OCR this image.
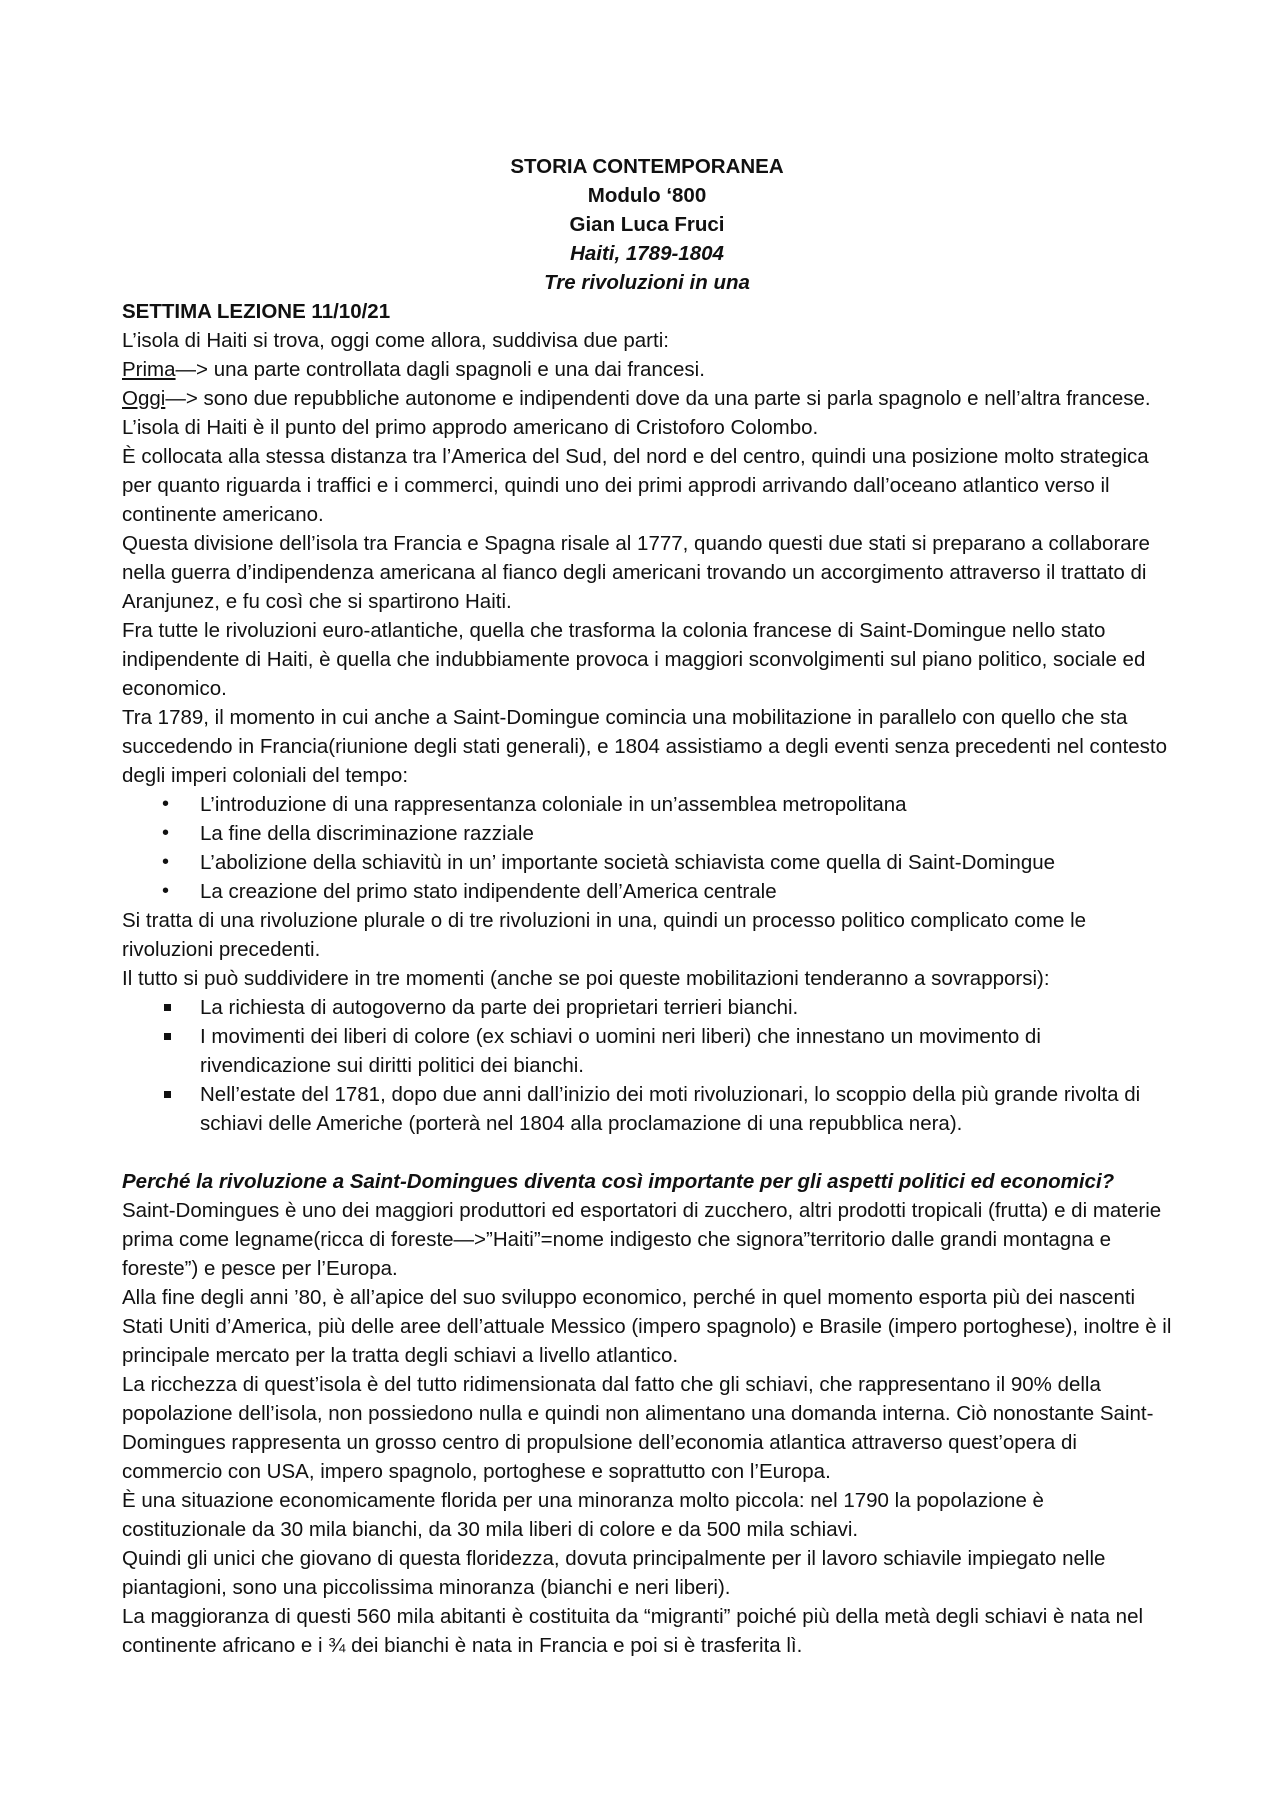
STORIA CONTEMPORANEA
Modulo ‘800
Gian Luca Fruci
Haiti, 1789-1804
Tre rivoluzioni in una
SETTIMA LEZIONE 11/10/21

L’isola di Haiti si trova, oggi come allora, suddivisa due parti:

Prima—> una parte controllata dagli spagnoli e una dai francesi.

Oggi—> sono due repubbliche autonome e indipendenti dove da una parte si parla spagnolo e nell’altra francese.

L’isola di Haiti è il punto del primo approdo americano di Cristoforo Colombo.

È collocata alla stessa distanza tra l’America del Sud, del nord e del centro, quindi una posizione molto strategica per quanto riguarda i traffici e i commerci, quindi uno dei primi approdi arrivando dall’oceano atlantico verso il continente americano.

Questa divisione dell’isola tra Francia e Spagna risale al 1777, quando questi due stati si preparano a collaborare nella guerra d’indipendenza americana al fianco degli americani trovando un accorgimento attraverso il trattato di Aranjunez, e fu così che si spartirono Haiti.

Fra tutte le rivoluzioni euro-atlantiche, quella che trasforma la colonia francese di Saint-Domingue nello stato indipendente di Haiti, è quella che indubbiamente provoca i maggiori sconvolgimenti sul piano politico, sociale ed economico.

Tra 1789, il momento in cui anche a Saint-Domingue comincia una mobilitazione in parallelo con quello che sta succedendo in Francia(riunione degli stati generali), e 1804 assistiamo a degli eventi senza precedenti nel contesto degli imperi coloniali del tempo:

• L’introduzione di una rappresentanza coloniale in un’assemblea metropolitana
• La fine della discriminazione razziale
• L’abolizione della schiavitù in un’ importante società schiavista come quella di Saint-Domingue
• La creazione del primo stato indipendente dell’America centrale

Si tratta di una rivoluzione plurale o di tre rivoluzioni in una, quindi un processo politico complicato come le rivoluzioni precedenti.

Il tutto si può suddividere in tre momenti (anche se poi queste mobilitazioni tenderanno a sovrapporsi):

La richiesta di autogoverno da parte dei proprietari terrieri bianchi.
I movimenti dei liberi di colore (ex schiavi o uomini neri liberi) che innestano un movimento di rivendicazione sui diritti politici dei bianchi.
Nell’estate del 1781, dopo due anni dall’inizio dei moti rivoluzionari, lo scoppio della più grande rivolta di schiavi delle Americhe (porterà nel 1804 alla proclamazione di una repubblica nera).

Perché la rivoluzione a Saint-Domingues diventa così importante per gli aspetti politici ed economici?

Saint-Domingues è uno dei maggiori produttori ed esportatori di zucchero, altri prodotti tropicali (frutta) e di materie prima come legname(ricca di foreste—>”Haiti”=nome indigesto che signora”territorio dalle grandi montagna e foreste”) e pesce per l’Europa.

Alla fine degli anni ’80, è all’apice del suo sviluppo economico, perché in quel momento esporta più dei nascenti Stati Uniti d’America, più delle aree dell’attuale Messico (impero spagnolo) e Brasile (impero portoghese), inoltre è il principale mercato per la tratta degli schiavi a livello atlantico.

La ricchezza di quest’isola è del tutto ridimensionata dal fatto che gli schiavi, che rappresentano il 90% della popolazione dell’isola, non possiedono nulla e quindi non alimentano una domanda interna. Ciò nonostante Saint-Domingues rappresenta un grosso centro di propulsione dell’economia atlantica attraverso quest’opera di commercio con USA, impero spagnolo, portoghese e soprattutto con l’Europa.

È una situazione economicamente florida per una minoranza molto piccola: nel 1790 la popolazione è costituzionale da 30 mila bianchi, da 30 mila liberi di colore e da 500 mila schiavi.

Quindi gli unici che giovano di questa floridezza, dovuta principalmente per il lavoro schiavile impiegato nelle piantagioni, sono una piccolissima minoranza (bianchi e neri liberi).

La maggioranza di questi 560 mila abitanti è costituita da “migranti” poiché più della metà degli schiavi è nata nel continente africano e i ¾ dei bianchi è nata in Francia e poi si è trasferita lì.
